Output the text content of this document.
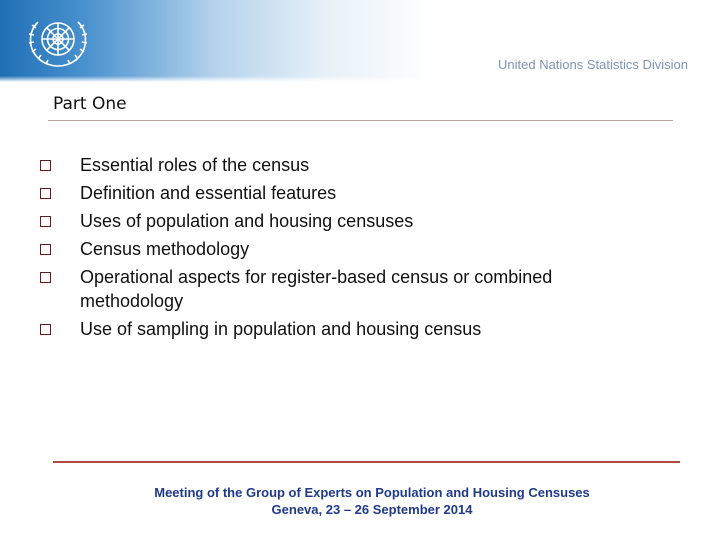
United Nations Statistics Division
Part One
Essential roles of the census
Definition and essential features
Uses of population and housing censuses
Census methodology
Operational aspects for register-based census or combined methodology
Use of sampling in population and housing census
Meeting of the Group of Experts on Population and Housing Censuses
Geneva, 23 – 26 September 2014
